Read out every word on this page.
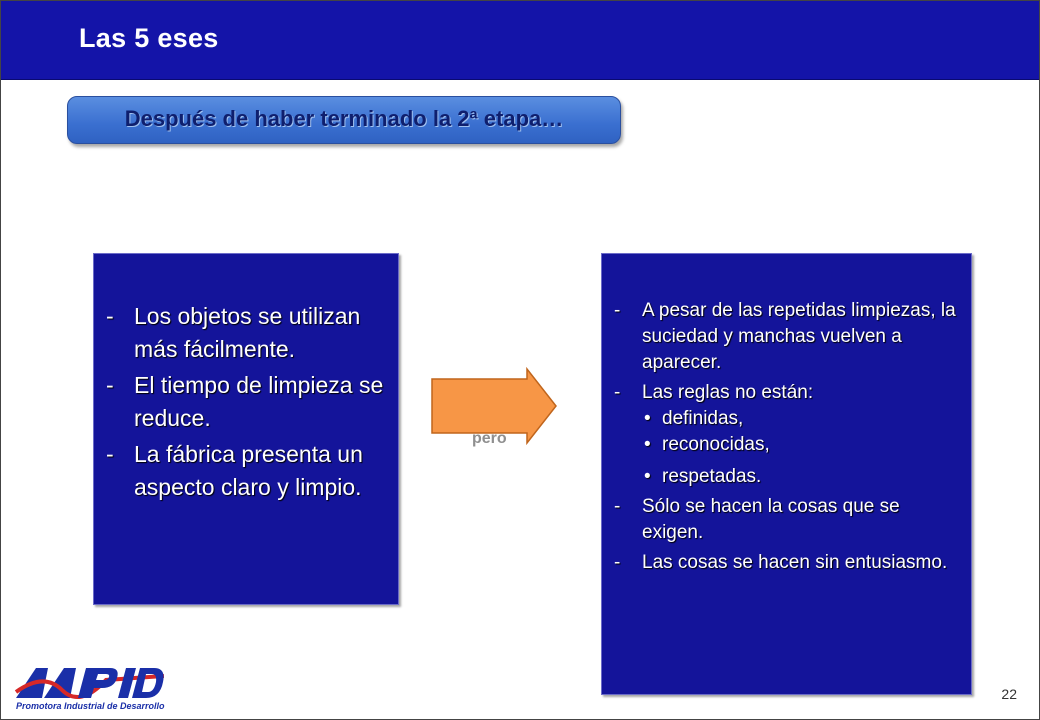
Las 5 eses
Después de haber terminado la 2ª etapa…
- Los objetos se utilizan más fácilmente.
- El tiempo de limpieza se reduce.
- La fábrica presenta un aspecto claro y limpio.
pero
- A pesar de las repetidas limpiezas, la suciedad y manchas vuelven a aparecer.
- Las reglas no están:
• definidas,
• reconocidas,
• respetadas.
- Sólo se hacen la cosas que se exigen.
- Las cosas se hacen sin entusiasmo.
Promotora Industrial de Desarrollo
22
